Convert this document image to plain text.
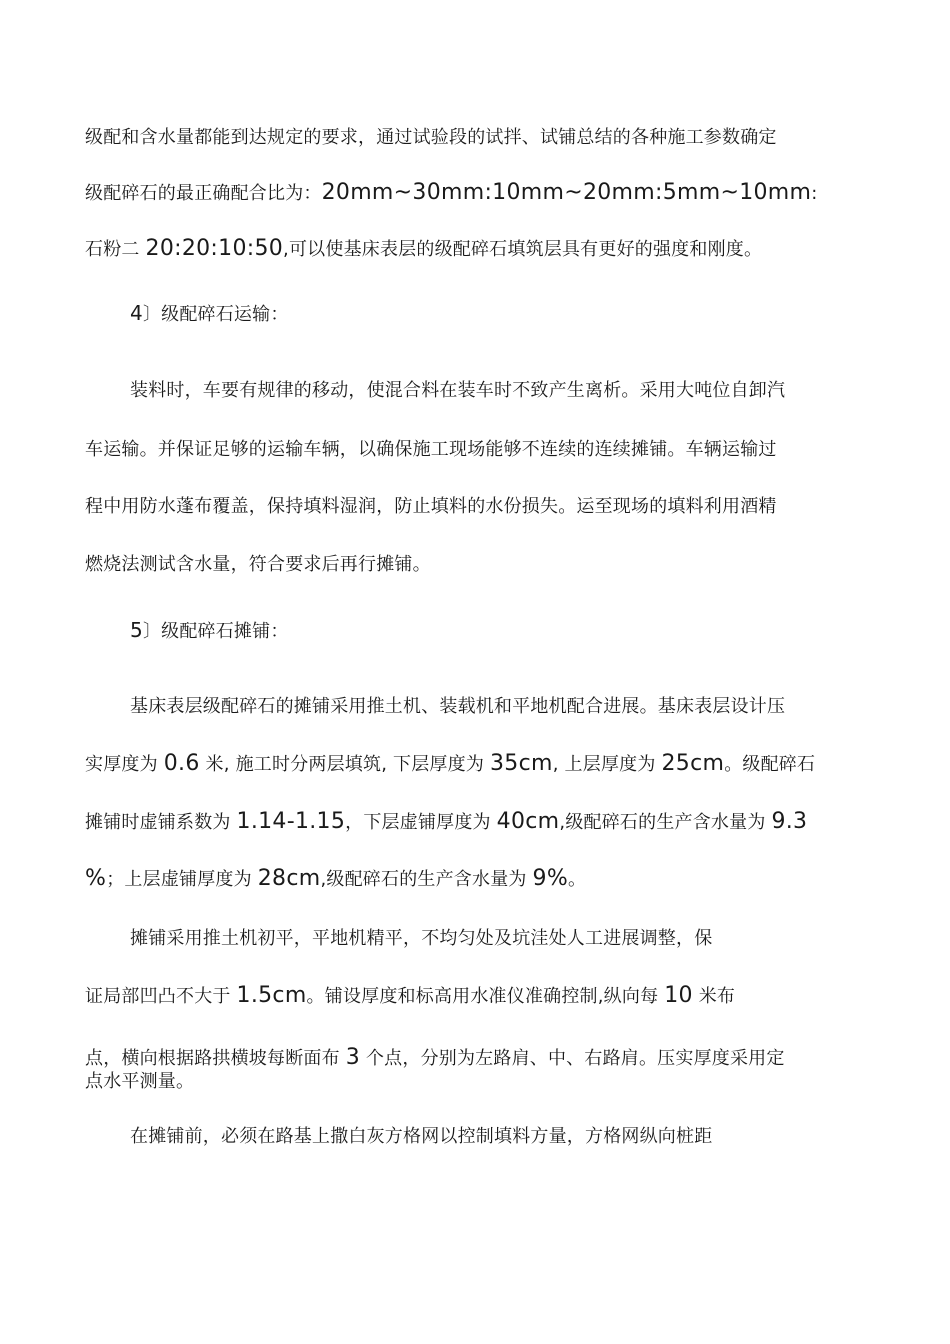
级配和含水量都能到达规定的要求，通过试验段的试拌、试铺总结的各种施工参数确定
级配碎石的最正确配合比为：20mm~30mm:10mm~20mm:5mm~10mm:
石粉二 20:20:10:50,可以使基床表层的级配碎石填筑层具有更好的强度和刚度。
4〕级配碎石运输：
装料时，车要有规律的移动，使混合料在装车时不致产生离析。采用大吨位自卸汽
车运输。并保证足够的运输车辆，以确保施工现场能够不连续的连续摊铺。车辆运输过
程中用防水蓬布覆盖，保持填料湿润，防止填料的水份损失。运至现场的填料利用酒精
燃烧法测试含水量，符合要求后再行摊铺。
5〕级配碎石摊铺：
基床表层级配碎石的摊铺采用推土机、装载机和平地机配合进展。基床表层设计压
实厚度为 0.6 米, 施工时分两层填筑, 下层厚度为 35cm, 上层厚度为 25cm。级配碎石
摊铺时虚铺系数为 1.14-1.15，下层虚铺厚度为 40cm,级配碎石的生产含水量为 9.3
%；上层虚铺厚度为 28cm,级配碎石的生产含水量为 9%。
摊铺采用推土机初平，平地机精平，不均匀处及坑洼处人工进展调整，保
证局部凹凸不大于 1.5cm。铺设厚度和标高用水准仪准确控制,纵向每 10 米布
点，横向根据路拱横坡每断面布 3 个点，分别为左路肩、中、右路肩。压实厚度采用定
点水平测量。
在摊铺前，必须在路基上撒白灰方格网以控制填料方量，方格网纵向桩距
